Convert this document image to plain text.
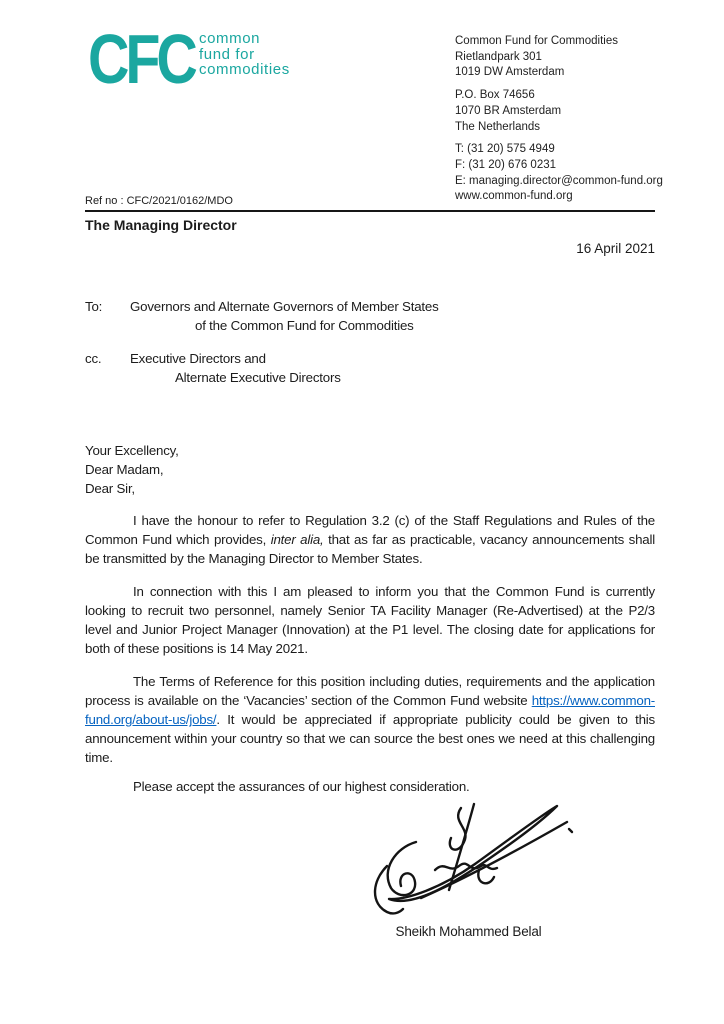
CFC common
fund for
commodities
Common Fund for Commodities
Rietlandpark 301
1019 DW Amsterdam
P.O. Box 74656
1070 BR Amsterdam
The Netherlands
T: (31 20) 575 4949
F: (31 20) 676 0231
E: managing.director@common-fund.org
www.common-fund.org
Ref no : CFC/2021/0162/MDO
The Managing Director
16 April 2021
To:	Governors and Alternate Governors of Member States
of the Common Fund for Commodities
cc.	Executive Directors and
Alternate Executive Directors
Your Excellency,
Dear Madam,
Dear Sir,

I have the honour to refer to Regulation 3.2 (c) of the Staff Regulations and Rules of the Common Fund which provides, inter alia, that as far as practicable, vacancy announcements shall be transmitted by the Managing Director to Member States.

In connection with this I am pleased to inform you that the Common Fund is currently looking to recruit two personnel, namely Senior TA Facility Manager (Re-Advertised) at the P2/3 level and Junior Project Manager (Innovation) at the P1 level. The closing date for applications for both of these positions is 14 May 2021.

The Terms of Reference for this position including duties, requirements and the application process is available on the ‘Vacancies’ section of the Common Fund website https://www.common-fund.org/about-us/jobs/. It would be appreciated if appropriate publicity could be given to this announcement within your country so that we can source the best ones we need at this challenging time.

Please accept the assurances of our highest consideration.

Sheikh Mohammed Belal
